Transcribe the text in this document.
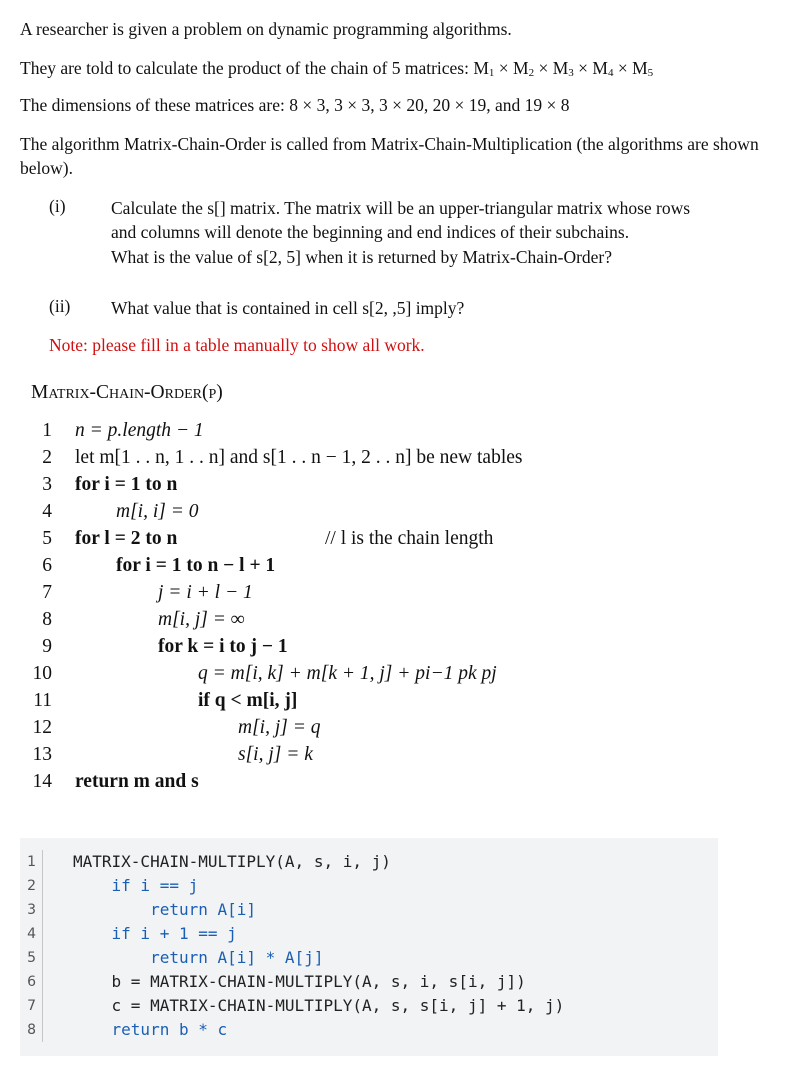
A researcher is given a problem on dynamic programming algorithms.
They are told to calculate the product of the chain of 5 matrices: M1 × M2 × M3 × M4 × M5
The dimensions of these matrices are: 8 × 3, 3 × 3, 3 × 20, 20 × 19, and 19 × 8
The algorithm Matrix-Chain-Order is called from Matrix-Chain-Multiplication (the algorithms are shown below).
(i)	Calculate the s[] matrix. The matrix will be an upper-triangular matrix whose rows
and columns will denote the beginning and end indices of their subchains.
What is the value of s[2, 5] when it is returned by Matrix-Chain-Order?
(ii) What value that is contained in cell s[2, ,5] imply?
Note: please fill in a table manually to show all work.
Matrix-Chain-Order(p)
1 n = p.length − 1
2 let m[1 . . n, 1 . . n] and s[1 . . n − 1, 2 . . n] be new tables
3 for i = 1 to n
4	m[i, i] = 0
5 for l = 2 to n	// l is the chain length
6	for i = 1 to n − l + 1
7	j = i + l − 1
8	m[i, j] = ∞
9	for k = i to j − 1
10	q = m[i, k] + m[k + 1, j] + pi−1 pk pj
11	if q < m[i, j]
12	m[i, j] = q
13	s[i, j] = k
14 return m and s
1
2
3
4
5
6
7
8
MATRIX-CHAIN-MULTIPLY(A, s, i, j)
if i == j
return A[i]
if i + 1 == j
return A[i] * A[j]
b = MATRIX-CHAIN-MULTIPLY(A, s, i, s[i, j])
c = MATRIX-CHAIN-MULTIPLY(A, s, s[i, j] + 1, j)
return b * c
